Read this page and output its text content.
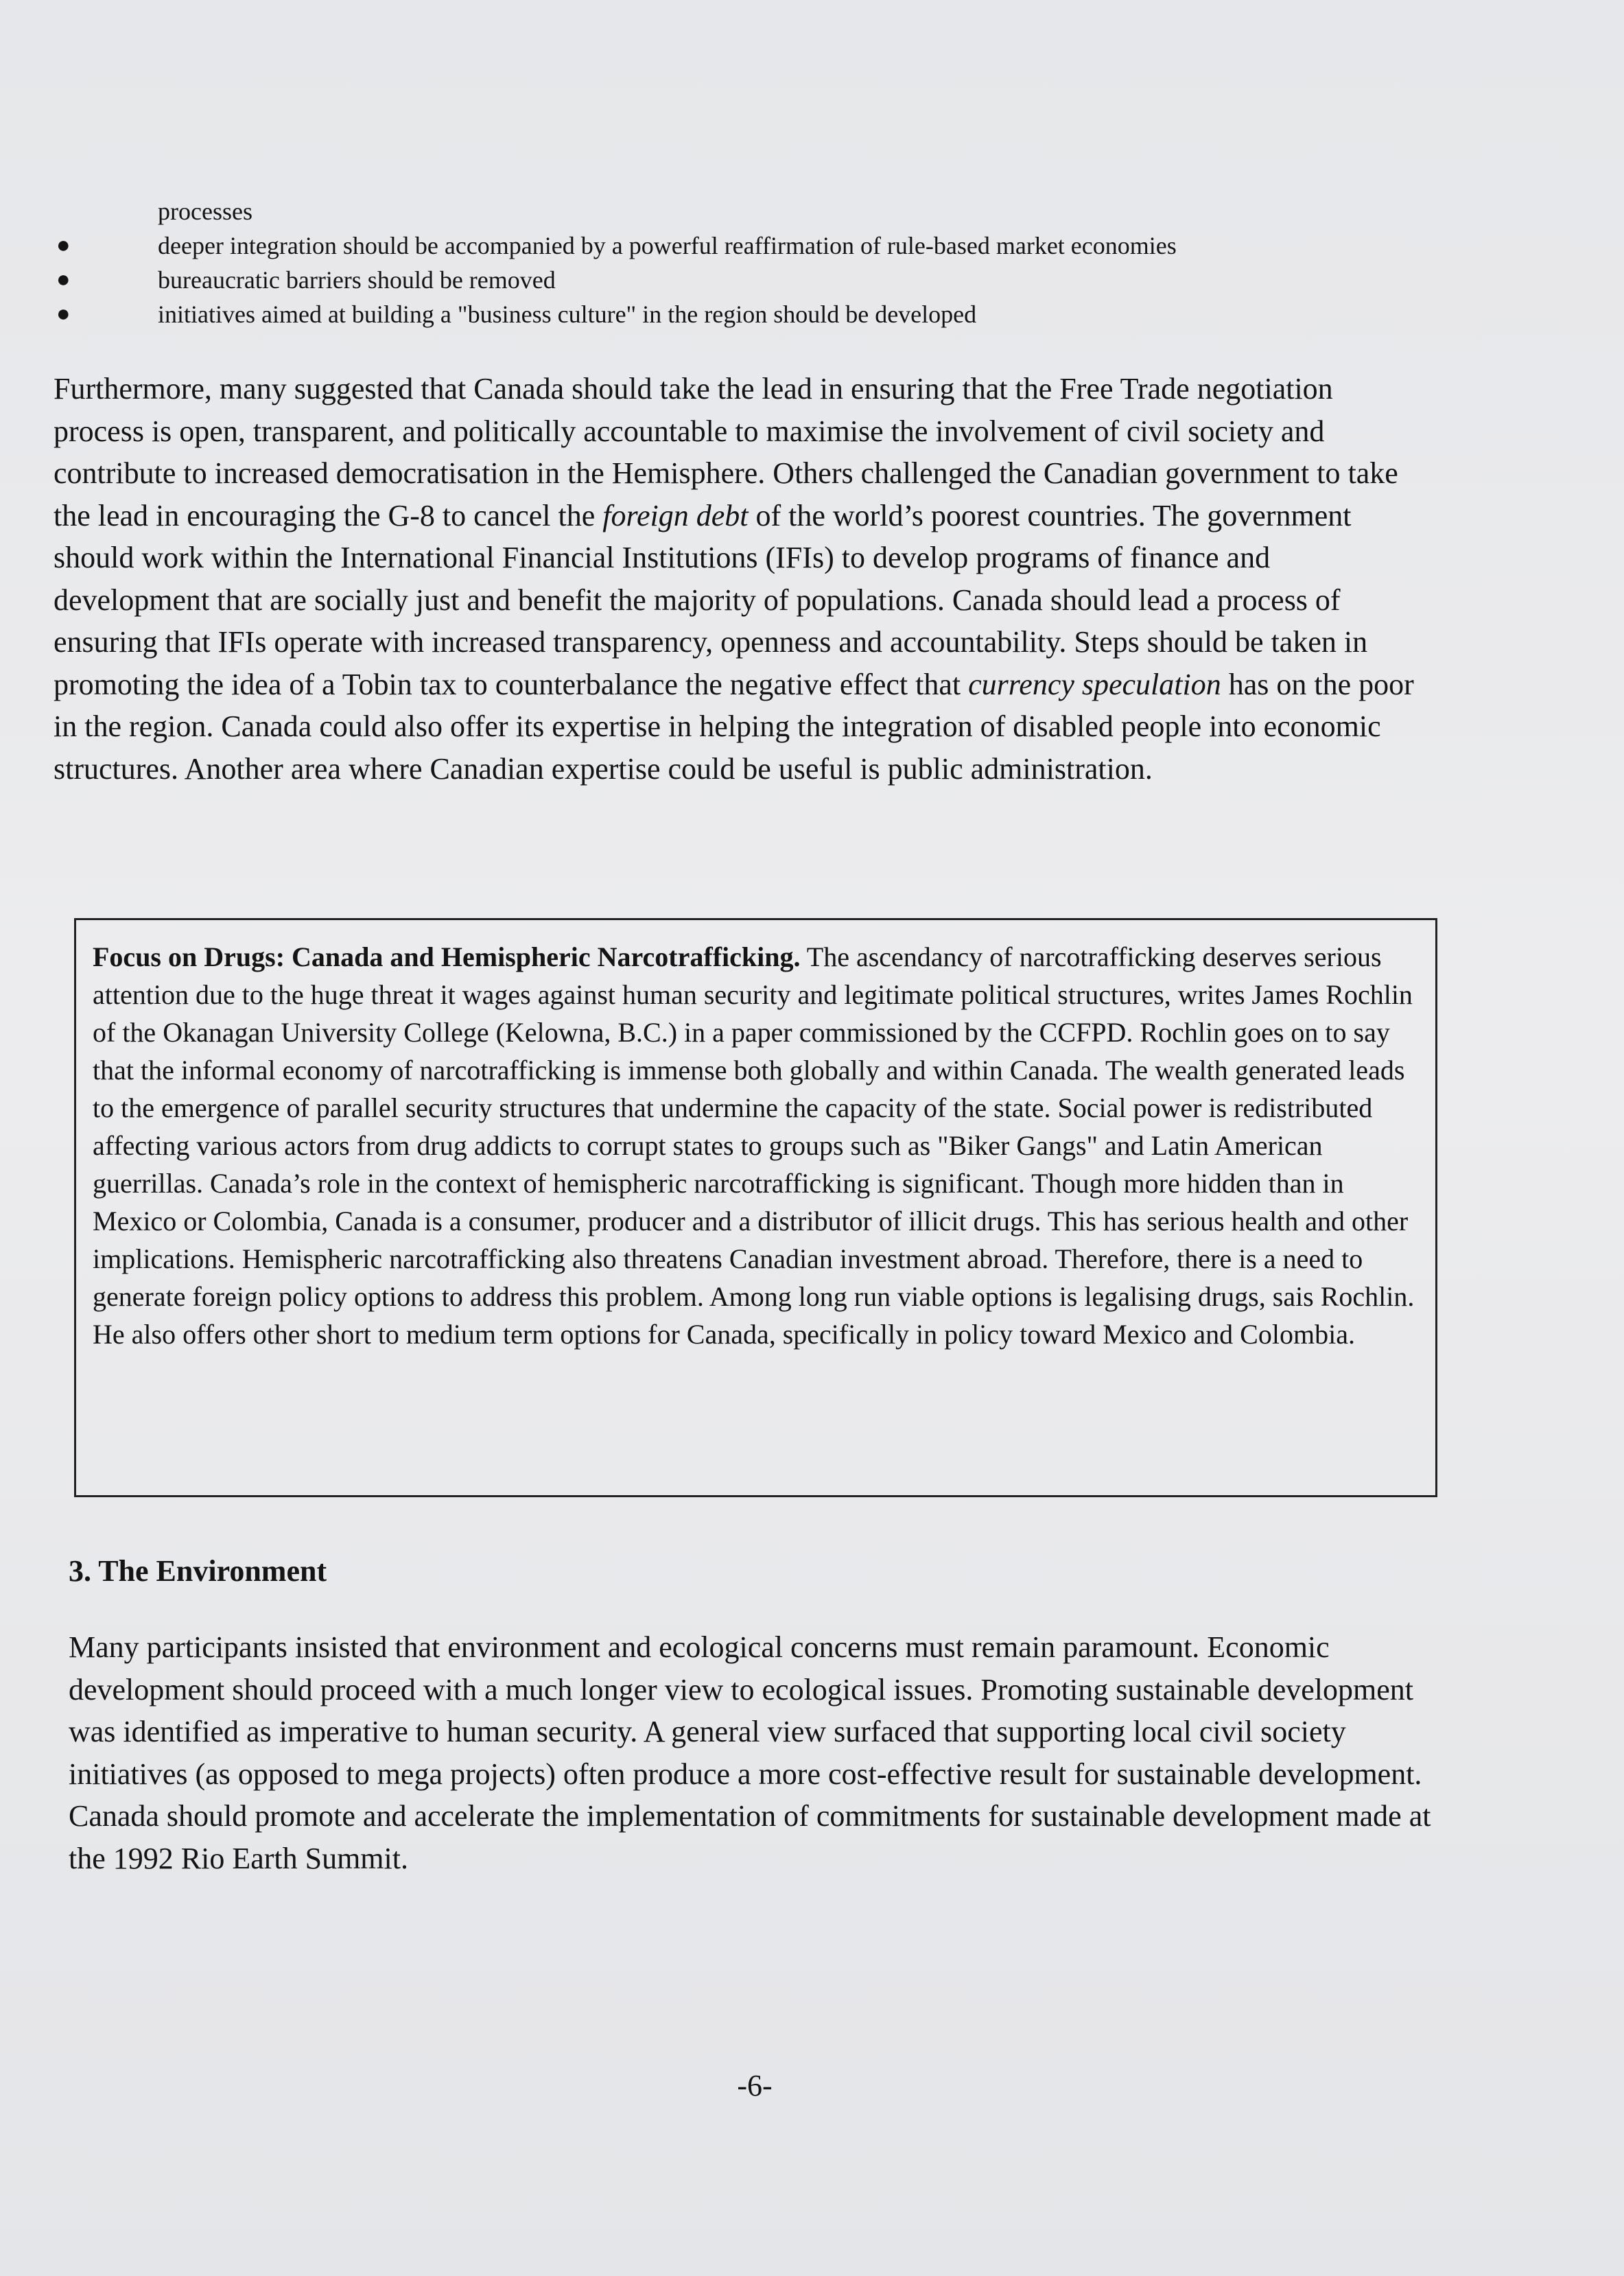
processes
●	deeper integration should be accompanied by a powerful reaffirmation of rule-based market economies
●	bureaucratic barriers should be removed
●	initiatives aimed at building a "business culture" in the region should be developed

Furthermore, many suggested that Canada should take the lead in ensuring that the Free Trade negotiation process is open, transparent, and politically accountable to maximise the involvement of civil society and contribute to increased democratisation in the Hemisphere. Others challenged the Canadian government to take the lead in encouraging the G-8 to cancel the foreign debt of the world’s poorest countries. The government should work within the International Financial Institutions (IFIs) to develop programs of finance and development that are socially just and benefit the majority of populations. Canada should lead a process of ensuring that IFIs operate with increased transparency, openness and accountability. Steps should be taken in promoting the idea of a Tobin tax to counterbalance the negative effect that currency speculation has on the poor in the region. Canada could also offer its expertise in helping the integration of disabled people into economic structures. Another area where Canadian expertise could be useful is public administration.

Focus on Drugs: Canada and Hemispheric Narcotrafficking. The ascendancy of narcotrafficking deserves serious attention due to the huge threat it wages against human security and legitimate political structures, writes James Rochlin of the Okanagan University College (Kelowna, B.C.) in a paper commissioned by the CCFPD. Rochlin goes on to say that the informal economy of narcotrafficking is immense both globally and within Canada. The wealth generated leads to the emergence of parallel security structures that undermine the capacity of the state. Social power is redistributed affecting various actors from drug addicts to corrupt states to groups such as "Biker Gangs" and Latin American guerrillas. Canada’s role in the context of hemispheric narcotrafficking is significant. Though more hidden than in Mexico or Colombia, Canada is a consumer, producer and a distributor of illicit drugs. This has serious health and other implications. Hemispheric narcotrafficking also threatens Canadian investment abroad. Therefore, there is a need to generate foreign policy options to address this problem. Among long run viable options is legalising drugs, sais Rochlin. He also offers other short to medium term options for Canada, specifically in policy toward Mexico and Colombia.
3. The Environment

Many participants insisted that environment and ecological concerns must remain paramount. Economic development should proceed with a much longer view to ecological issues. Promoting sustainable development was identified as imperative to human security. A general view surfaced that supporting local civil society initiatives (as opposed to mega projects) often produce a more cost-effective result for sustainable development. Canada should promote and accelerate the implementation of commitments for sustainable development made at the 1992 Rio Earth Summit.

-6-
